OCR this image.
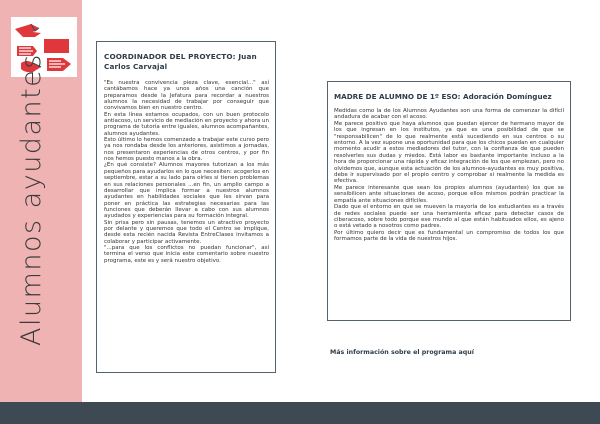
Alumnos ayudantes	COORDINADOR DEL PROYECTO: Juan Carlos Carvajal

"Es nuestra convivencia pieza clave, esencial..." así cantábamos hace ya unos años una canción que preparamos desde la Jefatura para recordar a nuestros alumnos la necesidad de trabajar por conseguir que convivamos bien en nuestro centro.

En esta línea estamos ocupados, con un buen protocolo antiacoso, un servicio de mediación en proyecto y ahora un programa de tutoría entre iguales, alumnos acompañantes, alumnos ayudantes.

Esto último lo hemos comenzado a trabajar este curso pero ya nos rondaba desde los anteriores, asistimos a jornadas, nos presentaron experiencias de otros centros, y por fin nos hemos puesto manos a la obra.

¿En qué consiste? Alumnos mayores tutorizan a los más pequeños para ayudarlos en lo que necesiten: acogerlos en septiembre, estar a su lado para oírles si tienen problemas en sus relaciones personales ...en fin, un amplio campo a desarrollar que implica formar a nuestros alumnos ayudantes en habilidades sociales que les sirvan para poner en práctica las estrategias necesarias para las funciones que deberán llevar a cabo con sus alumnos ayudados y experiencias para su formación integral.

Sin prisa pero sin pausas, tenemos un atractivo proyecto por delante y queremos que todo el Centro se implique, desde esta recién nacida Revista EntreClases invitamos a colaborar y participar activamente.

"...para que los conflictos no puedan funcionar", así termina el verso que inicia este comentario sobre nuestro programa, este es y será nuestro objetivo.

MADRE DE ALUMNO DE 1º ESO: Adoración Domínguez

Medidas como la de los Alumnos Ayudantes son una forma de comenzar la difícil andadura de acabar con el acoso.

Me parece positivo que haya alumnos que puedan ejercer de hermano mayor de los que ingresan en los institutos, ya que es una posibilidad de que se "responsabilicen" de lo que realmente está sucediendo en sus centros o su entorno. A la vez supone una oportunidad para que los chicos puedan en cualquier momento acudir a estos mediadores del tutor, con la confianza de que pueden resolverles sus dudas y miedos. Está labor es bastante importante incluso a la hora de proporcionar una rápida y eficaz integración de los que empiezan, pero no olvidemos que, aunque esta actuación de los alumnos-ayudantes es muy positiva, debe ir supervisado por el propio centro y comprobar si realmente la medida es efectiva.

Me parece interesante que sean los propios alumnos (ayudantes) los que se sensibilicen ante situaciones de acoso, porque ellos mismos podrán practicar la empatía ante situaciones difíciles.

Dado que el entorno en que se mueven la mayoría de los estudiantes es a través de redes sociales puede ser una herramienta eficaz para detectar casos de ciberacoso, sobre todo porque ese mundo al que están habituados ellos, es ajeno o está vetado a nosotros como padres.

Por último quiero decir que es fundamental un compromiso de todos los que formamos parte de la vida de nuestros hijos.

Más información sobre el programa aquí
